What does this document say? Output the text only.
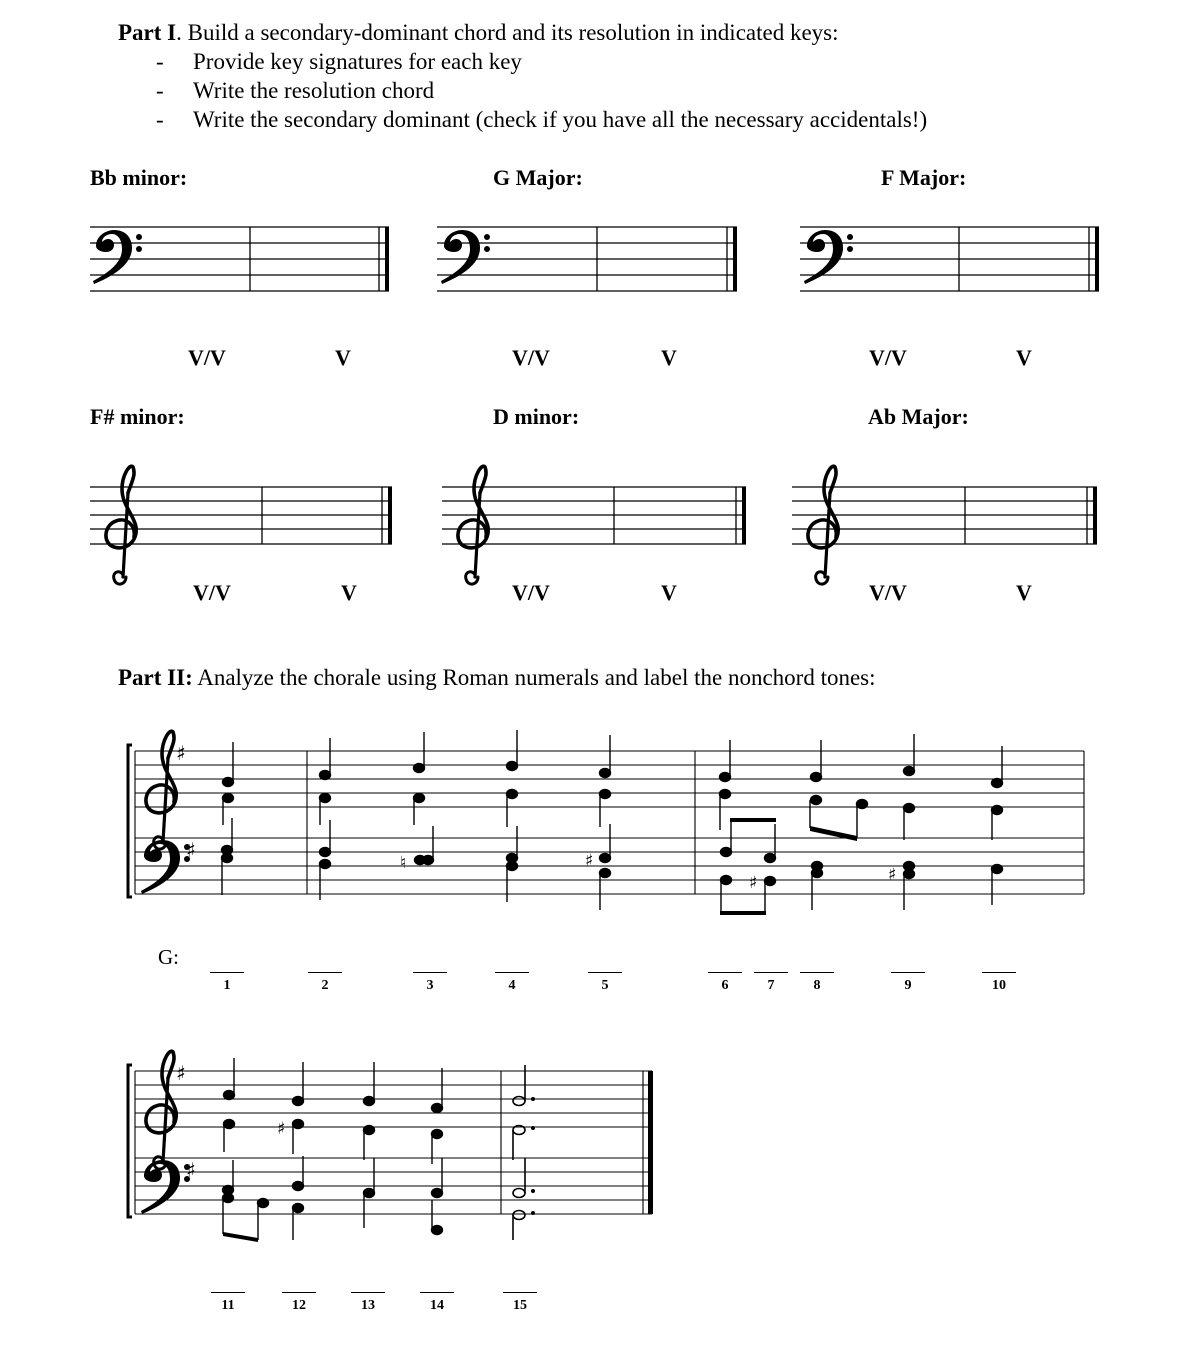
Part I. Build a secondary-dominant chord and its resolution in indicated keys:
- Provide key signatures for each key
- Write the resolution chord
- Write the secondary dominant (check if you have all the necessary accidentals!)
Bb minor:	G Major:	F Major:
V/V	V	V/V	V	V/V	V
F# minor:	D minor:	Ab Major:
V/V	V	V/V	V	V/V	V
Part II: Analyze the chorale using Roman numerals and label the nonchord tones:
G:
1	2	3	4	5	6	7	8	9	10
11	12	13	14	15
♯
♯
♮	♯
♯	♯
♯
♯
♯
